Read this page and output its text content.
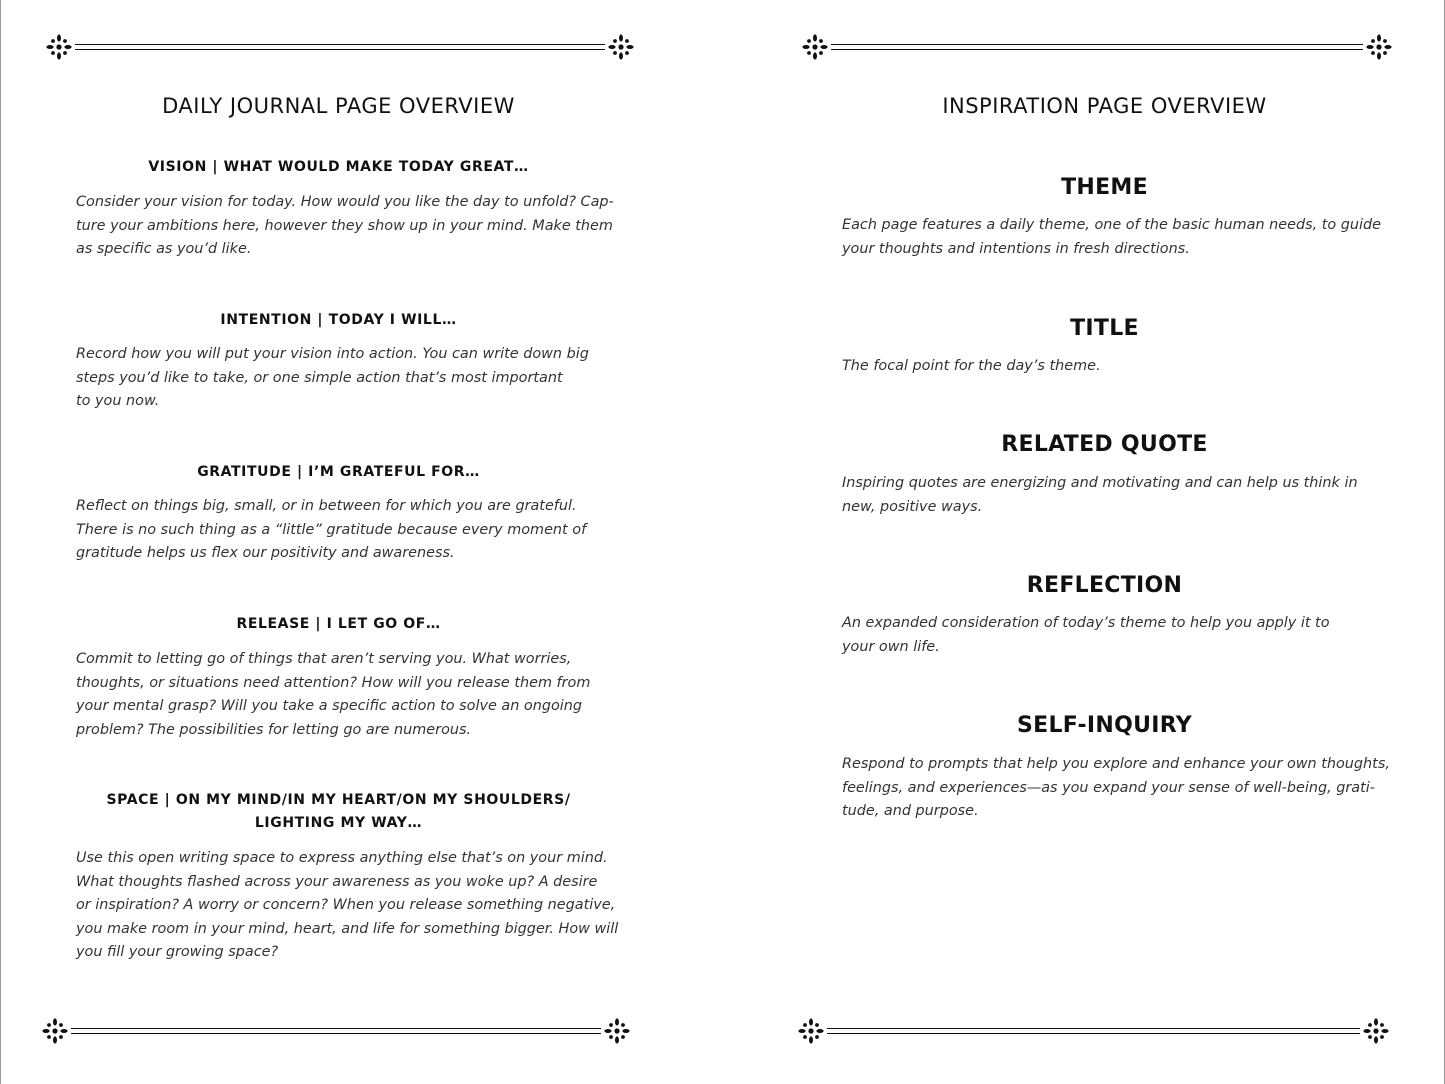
DAILY JOURNAL PAGE OVERVIEW
VISION | WHAT WOULD MAKE TODAY GREAT…

Consider your vision for today. How would you like the day to unfold? Cap-
ture your ambitions here, however they show up in your mind. Make them
as specific as you’d like.

INTENTION | TODAY I WILL…

Record how you will put your vision into action. You can write down big
steps you’d like to take, or one simple action that’s most important
to you now.

GRATITUDE | I’M GRATEFUL FOR…

Reflect on things big, small, or in between for which you are grateful.
There is no such thing as a “little” gratitude because every moment of
gratitude helps us flex our positivity and awareness.

RELEASE | I LET GO OF…

Commit to letting go of things that aren’t serving you. What worries,
thoughts, or situations need attention? How will you release them from
your mental grasp? Will you take a specific action to solve an ongoing
problem? The possibilities for letting go are numerous.

SPACE | ON MY MIND/IN MY HEART/ON MY SHOULDERS/
LIGHTING MY WAY…

Use this open writing space to express anything else that’s on your mind.
What thoughts flashed across your awareness as you woke up? A desire
or inspiration? A worry or concern? When you release something negative,
you make room in your mind, heart, and life for something bigger. How will
you fill your growing space?

INSPIRATION PAGE OVERVIEW
THEME

Each page features a daily theme, one of the basic human needs, to guide
your thoughts and intentions in fresh directions.

TITLE

The focal point for the day’s theme.

RELATED QUOTE

Inspiring quotes are energizing and motivating and can help us think in
new, positive ways.

REFLECTION

An expanded consideration of today’s theme to help you apply it to
your own life.

SELF-INQUIRY

Respond to prompts that help you explore and enhance your own thoughts,
feelings, and experiences—as you expand your sense of well-being, grati-
tude, and purpose.
